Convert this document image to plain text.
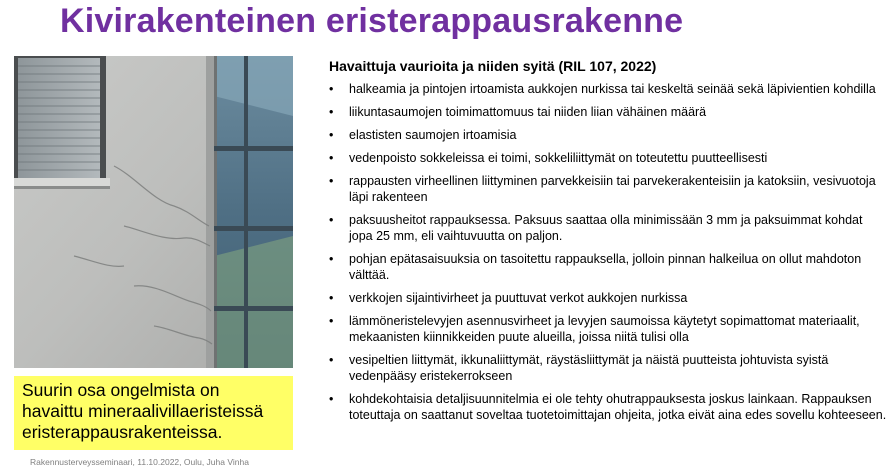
Kivirakenteinen eristerappausrakenne
Suurin osa ongelmista on
havaittu mineraalivillaeristeissä
eristerappausrakenteissa.
Rakennusterveysseminaari, 11.10.2022, Oulu, Juha Vinha
Havaittuja vaurioita ja niiden syitä (RIL 107, 2022)
• halkeamia ja pintojen irtoamista aukkojen nurkissa tai keskeltä seinää sekä läpivientien kohdilla
• liikuntasaumojen toimimattomuus tai niiden liian vähäinen määrä
• elastisten saumojen irtoamisia
• vedenpoisto sokkeleissa ei toimi, sokkeliliittymät on toteutettu puutteellisesti
• rappausten virheellinen liittyminen parvekkeisiin tai parvekerakenteisiin ja katoksiin, vesivuotoja läpi rakenteen
• paksuusheitot rappauksessa. Paksuus saattaa olla minimissään 3 mm ja paksuimmat kohdat jopa 25 mm, eli vaihtuvuutta on paljon.
• pohjan epätasaisuuksia on tasoitettu rappauksella, jolloin pinnan halkeilua on ollut mahdoton välttää.
• verkkojen sijaintivirheet ja puuttuvat verkot aukkojen nurkissa
• lämmöneristelevyjen asennusvirheet ja levyjen saumoissa käytetyt sopimattomat materiaalit, mekaanisten kiinnikkeiden puute alueilla, joissa niitä tulisi olla
• vesipeltien liittymät, ikkunaliittymät, räystäsliittymät ja näistä puutteista johtuvista syistä vedenpääsy eristekerrokseen
• kohdekohtaisia detaljisuunnitelmia ei ole tehty ohutrappauksesta joskus lainkaan. Rappauksen toteuttaja on saattanut soveltaa tuotetoimittajan ohjeita, jotka eivät aina edes sovellu kohteeseen.
